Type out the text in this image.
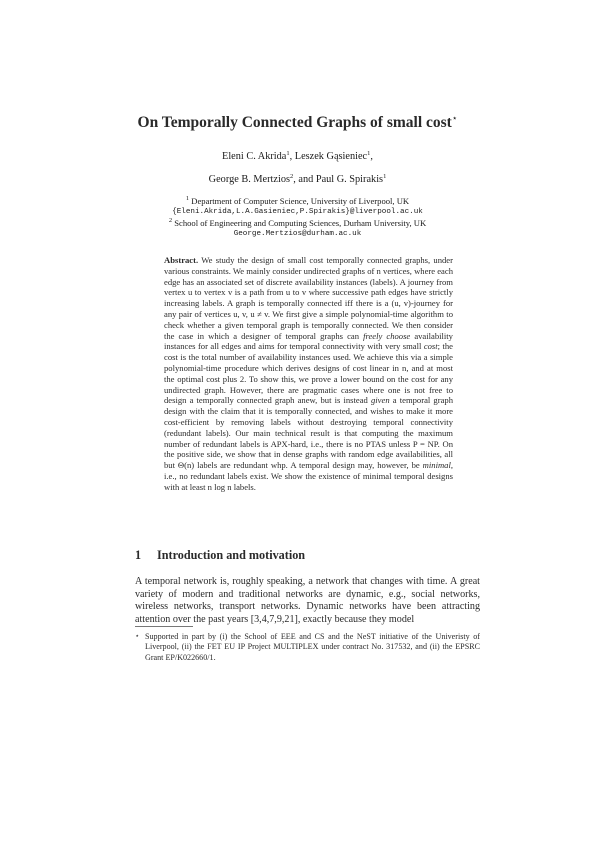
On Temporally Connected Graphs of small cost⋆
Eleni C. Akrida$^1$, Leszek Gąsieniec$^1$,
George B. Mertzios$^2$, and Paul G. Spirakis$^1$
$^1$ Department of Computer Science, University of Liverpool, UK
{Eleni.Akrida,L.A.Gasieniec,P.Spirakis}@liverpool.ac.uk
$^2$ School of Engineering and Computing Sciences, Durham University, UK
George.Mertzios@durham.ac.uk
Abstract. We study the design of small cost temporally connected graphs, under various constraints. We mainly consider undirected graphs of n vertices, where each edge has an associated set of discrete availability instances (labels). A journey from vertex u to vertex v is a path from u to v where successive path edges have strictly increasing labels. A graph is temporally connected iff there is a (u, v)-journey for any pair of vertices u, v, u ≠ v. We first give a simple polynomial-time algorithm to check whether a given temporal graph is temporally connected. We then consider the case in which a designer of temporal graphs can freely choose availability instances for all edges and aims for temporal connectivity with very small cost; the cost is the total number of availability instances used. We achieve this via a simple polynomial-time procedure which derives designs of cost linear in n, and at most the optimal cost plus 2. To show this, we prove a lower bound on the cost for any undirected graph. However, there are pragmatic cases where one is not free to design a temporally connected graph anew, but is instead given a temporal graph design with the claim that it is temporally connected, and wishes to make it more cost-efficient by removing labels without destroying temporal connectivity (redundant labels). Our main technical result is that computing the maximum number of redundant labels is APX-hard, i.e., there is no PTAS unless P = NP. On the positive side, we show that in dense graphs with random edge availabilities, all but Θ(n) labels are redundant whp. A temporal design may, however, be minimal, i.e., no redundant labels exist. We show the existence of minimal temporal designs with at least n log n labels.
1 Introduction and motivation
A temporal network is, roughly speaking, a network that changes with time. A great variety of modern and traditional networks are dynamic, e.g., social networks, wireless networks, transport networks. Dynamic networks have been attracting attention over the past years [3,4,7,9,21], exactly because they model
⋆ Supported in part by (i) the School of EEE and CS and the NeST initiative of the Univeristy of Liverpool, (ii) the FET EU IP Project MULTIPLEX under contract No. 317532, and (ii) the EPSRC Grant EP/K022660/1.
